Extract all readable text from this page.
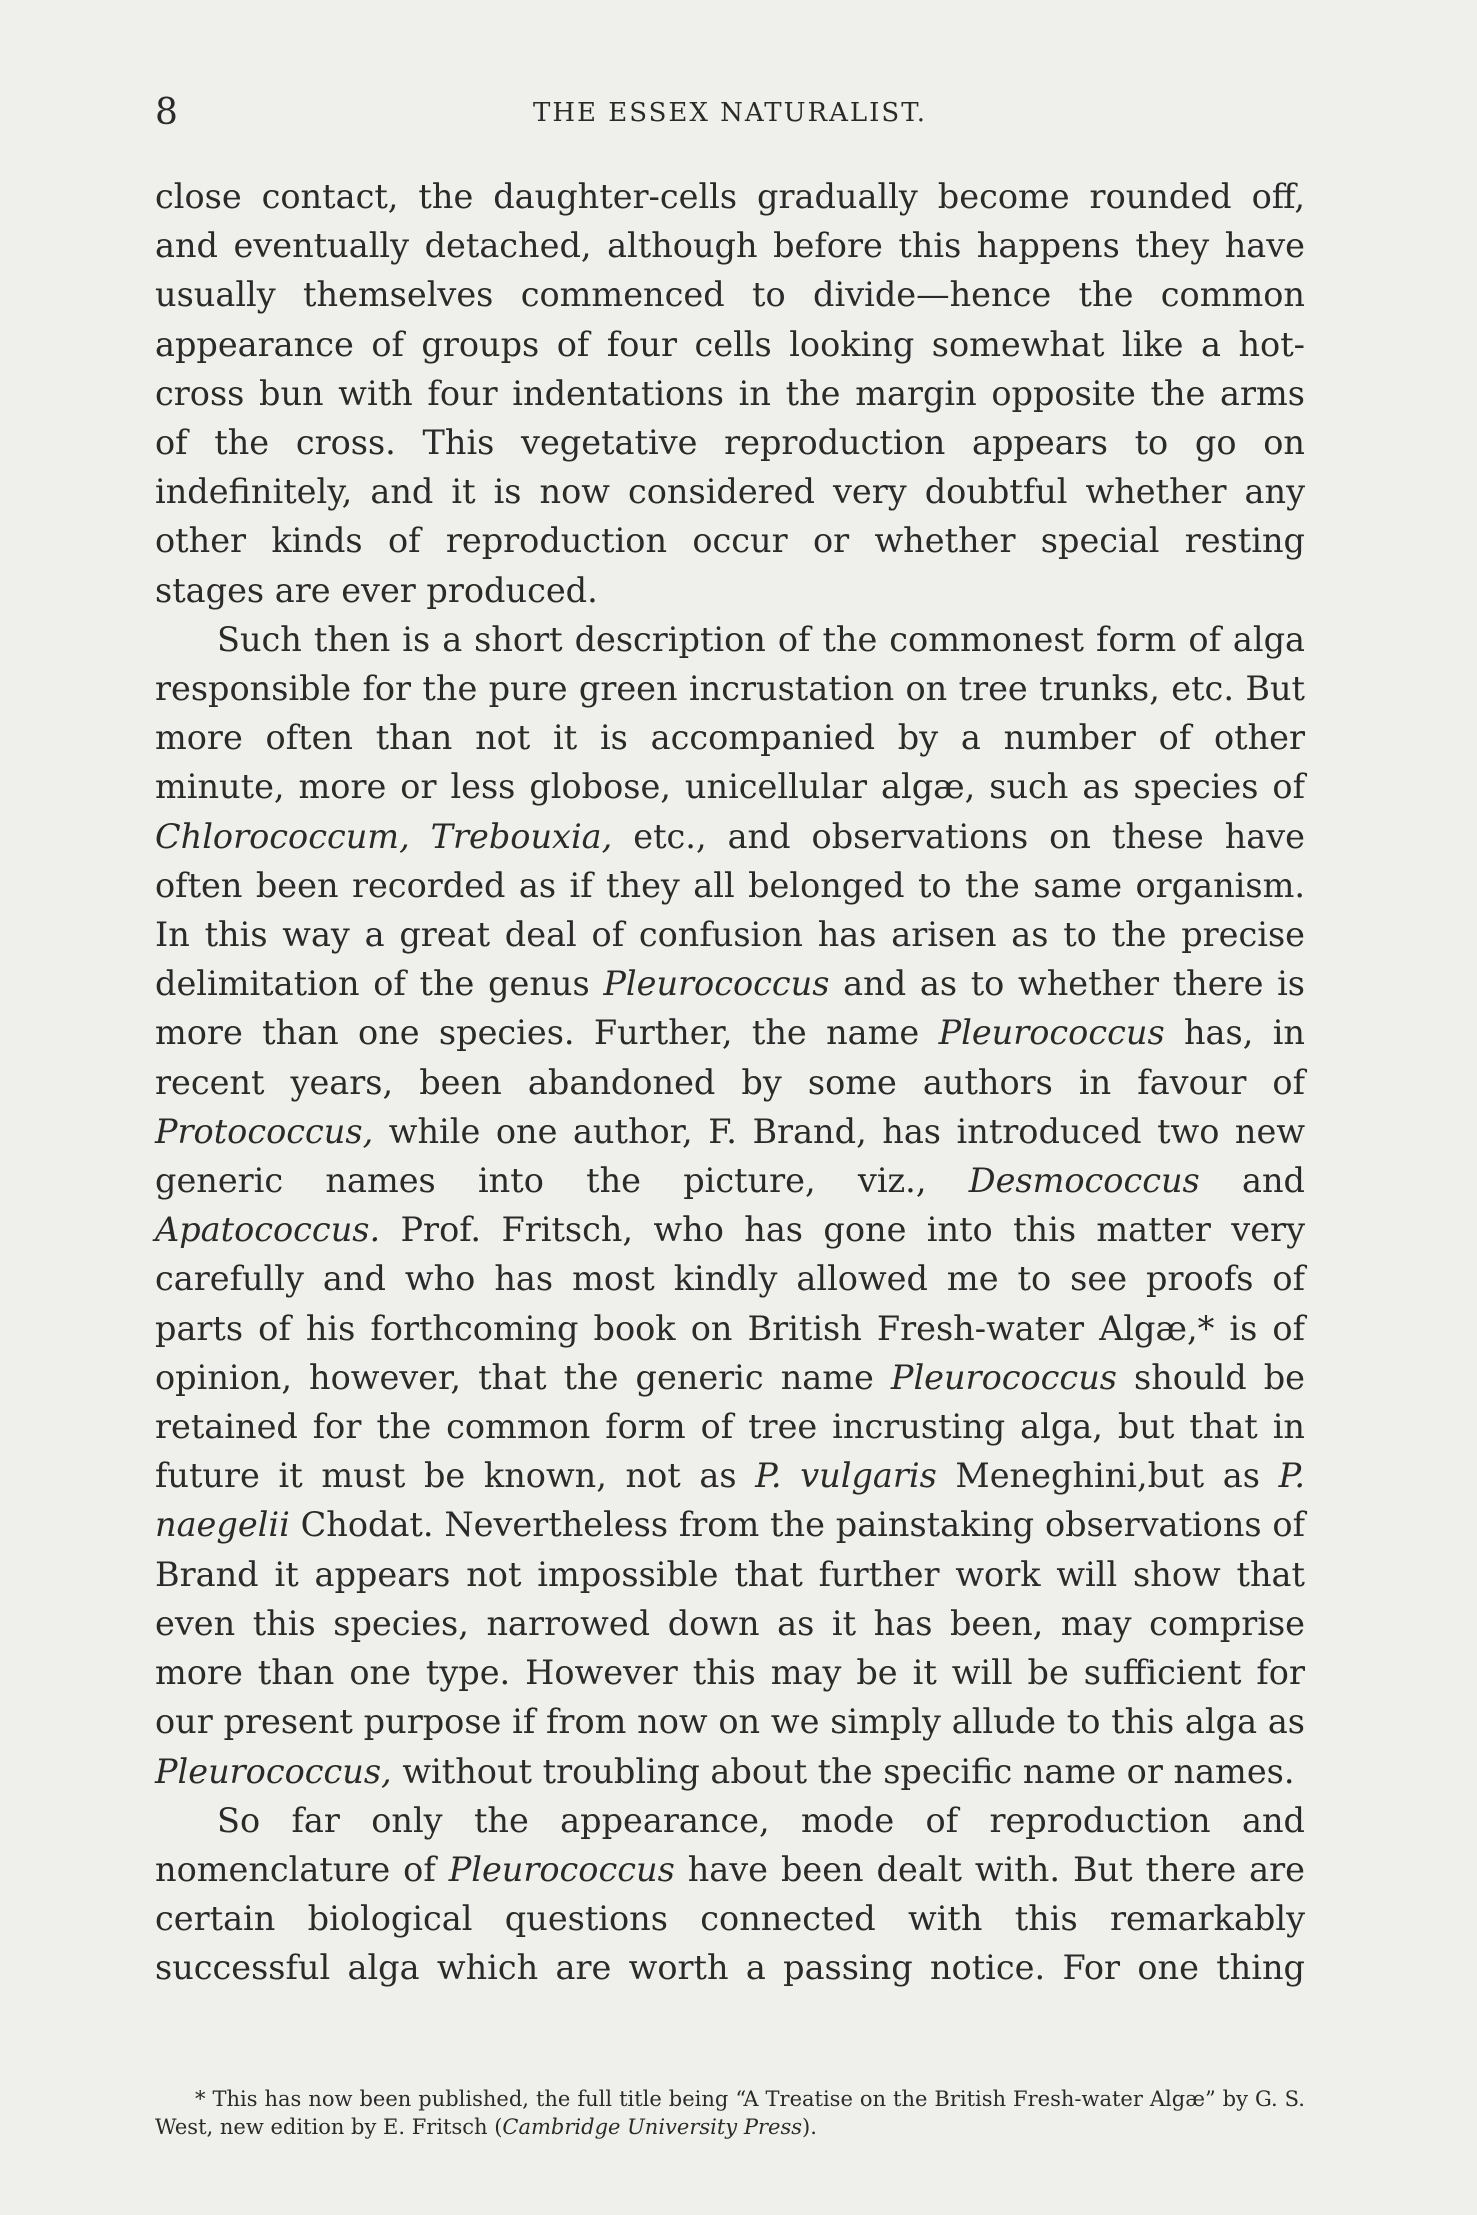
8	THE ESSEX NATURALIST.

close contact, the daughter-cells gradually become rounded off, and eventually detached, although before this happens they have usually themselves commenced to divide—hence the common appearance of groups of four cells looking somewhat like a hot-cross bun with four indentations in the margin opposite the arms of the cross. This vegetative reproduction appears to go on indefinitely, and it is now considered very doubtful whether any other kinds of reproduction occur or whether special resting stages are ever produced.

Such then is a short description of the commonest form of alga responsible for the pure green incrustation on tree trunks, etc. But more often than not it is accompanied by a number of other minute, more or less globose, unicellular algæ, such as species of Chlorococcum, Trebouxia, etc., and observations on these have often been recorded as if they all belonged to the same organism. In this way a great deal of confusion has arisen as to the precise delimitation of the genus Pleurococcus and as to whether there is more than one species. Further, the name Pleurococcus has, in recent years, been abandoned by some authors in favour of Protococcus, while one author, F. Brand, has introduced two new generic names into the picture, viz., Desmococcus and Apatococcus. Prof. Fritsch, who has gone into this matter very carefully and who has most kindly allowed me to see proofs of parts of his forthcoming book on British Fresh-water Algæ,* is of opinion, however, that the generic name Pleurococcus should be retained for the common form of tree incrusting alga, but that in future it must be known, not as P. vulgaris Meneghini,but as P. naegelii Chodat. Nevertheless from the painstaking observations of Brand it appears not impossible that further work will show that even this species, narrowed down as it has been, may comprise more than one type. However this may be it will be sufficient for our present purpose if from now on we simply allude to this alga as Pleurococcus, without troubling about the specific name or names.

So far only the appearance, mode of reproduction and nomenclature of Pleurococcus have been dealt with. But there are certain biological questions connected with this remarkably successful alga which are worth a passing notice. For one thing

* This has now been published, the full title being “A Treatise on the British Fresh-water Algæ” by G. S. West, new edition by E. Fritsch (Cambridge University Press).
